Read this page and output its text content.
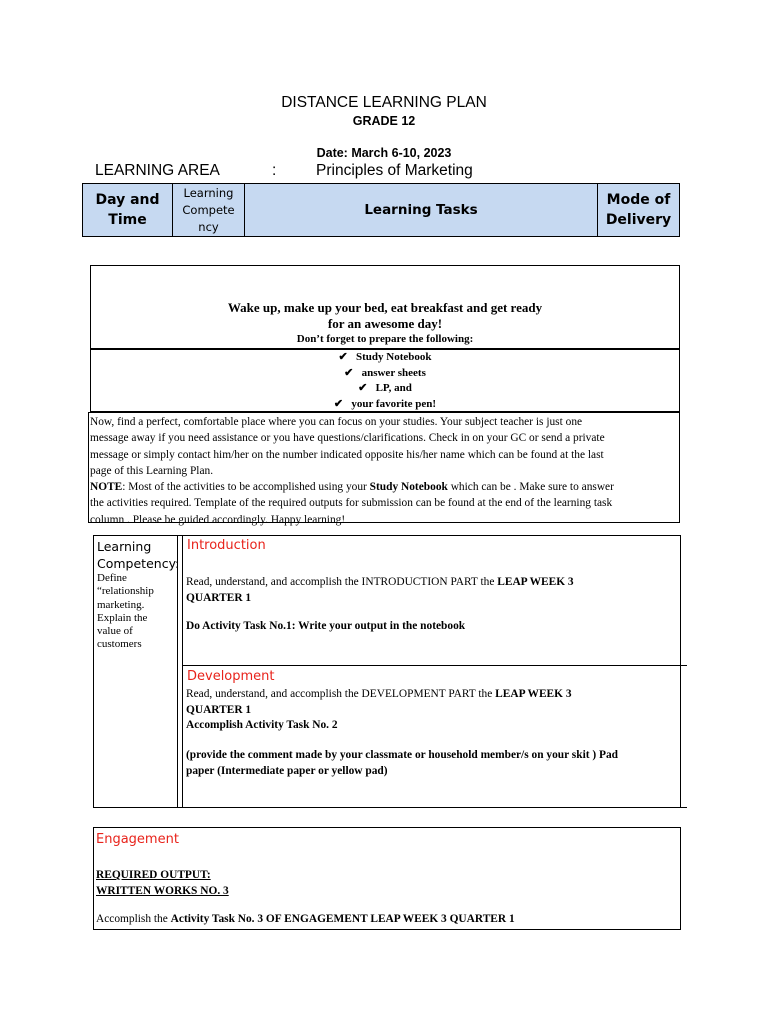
DISTANCE LEARNING PLAN
GRADE 12
Date: March 6-10, 2023
LEARNING AREA	:	Principles of Marketing
Day and
Time
Learning
Compete
ncy
Learning Tasks
Mode of
Delivery
Wake up, make up your bed, eat breakfast and get ready
for an awesome day!
Don’t forget to prepare the following:
✔ Study Notebook
✔ answer sheets
✔ LP, and
✔ your favorite pen!
Now, find a perfect, comfortable place where you can focus on your studies. Your subject teacher is just one
message away if you need assistance or you have questions/clarifications. Check in on your GC or send a private
message or simply contact him/her on the number indicated opposite his/her name which can be found at the last
page of this Learning Plan.
NOTE: Most of the activities to be accomplished using your Study Notebook which can be . Make sure to answer
the activities required. Template of the required outputs for submission can be found at the end of the learning task
column . Please be guided accordingly. Happy learning!
Learning
Competency:
Define
“relationship
marketing.
Explain the
value of
customers
Introduction
Read, understand, and accomplish the INTRODUCTION PART the LEAP WEEK 3
QUARTER 1
Do Activity Task No.1: Write your output in the notebook
Development
Read, understand, and accomplish the DEVELOPMENT PART the LEAP WEEK 3
QUARTER 1
Accomplish Activity Task No. 2
(provide the comment made by your classmate or household member/s on your skit ) Pad
paper (Intermediate paper or yellow pad)
Engagement
REQUIRED OUTPUT:
WRITTEN WORKS NO. 3
Accomplish the Activity Task No. 3 OF ENGAGEMENT LEAP WEEK 3 QUARTER 1
